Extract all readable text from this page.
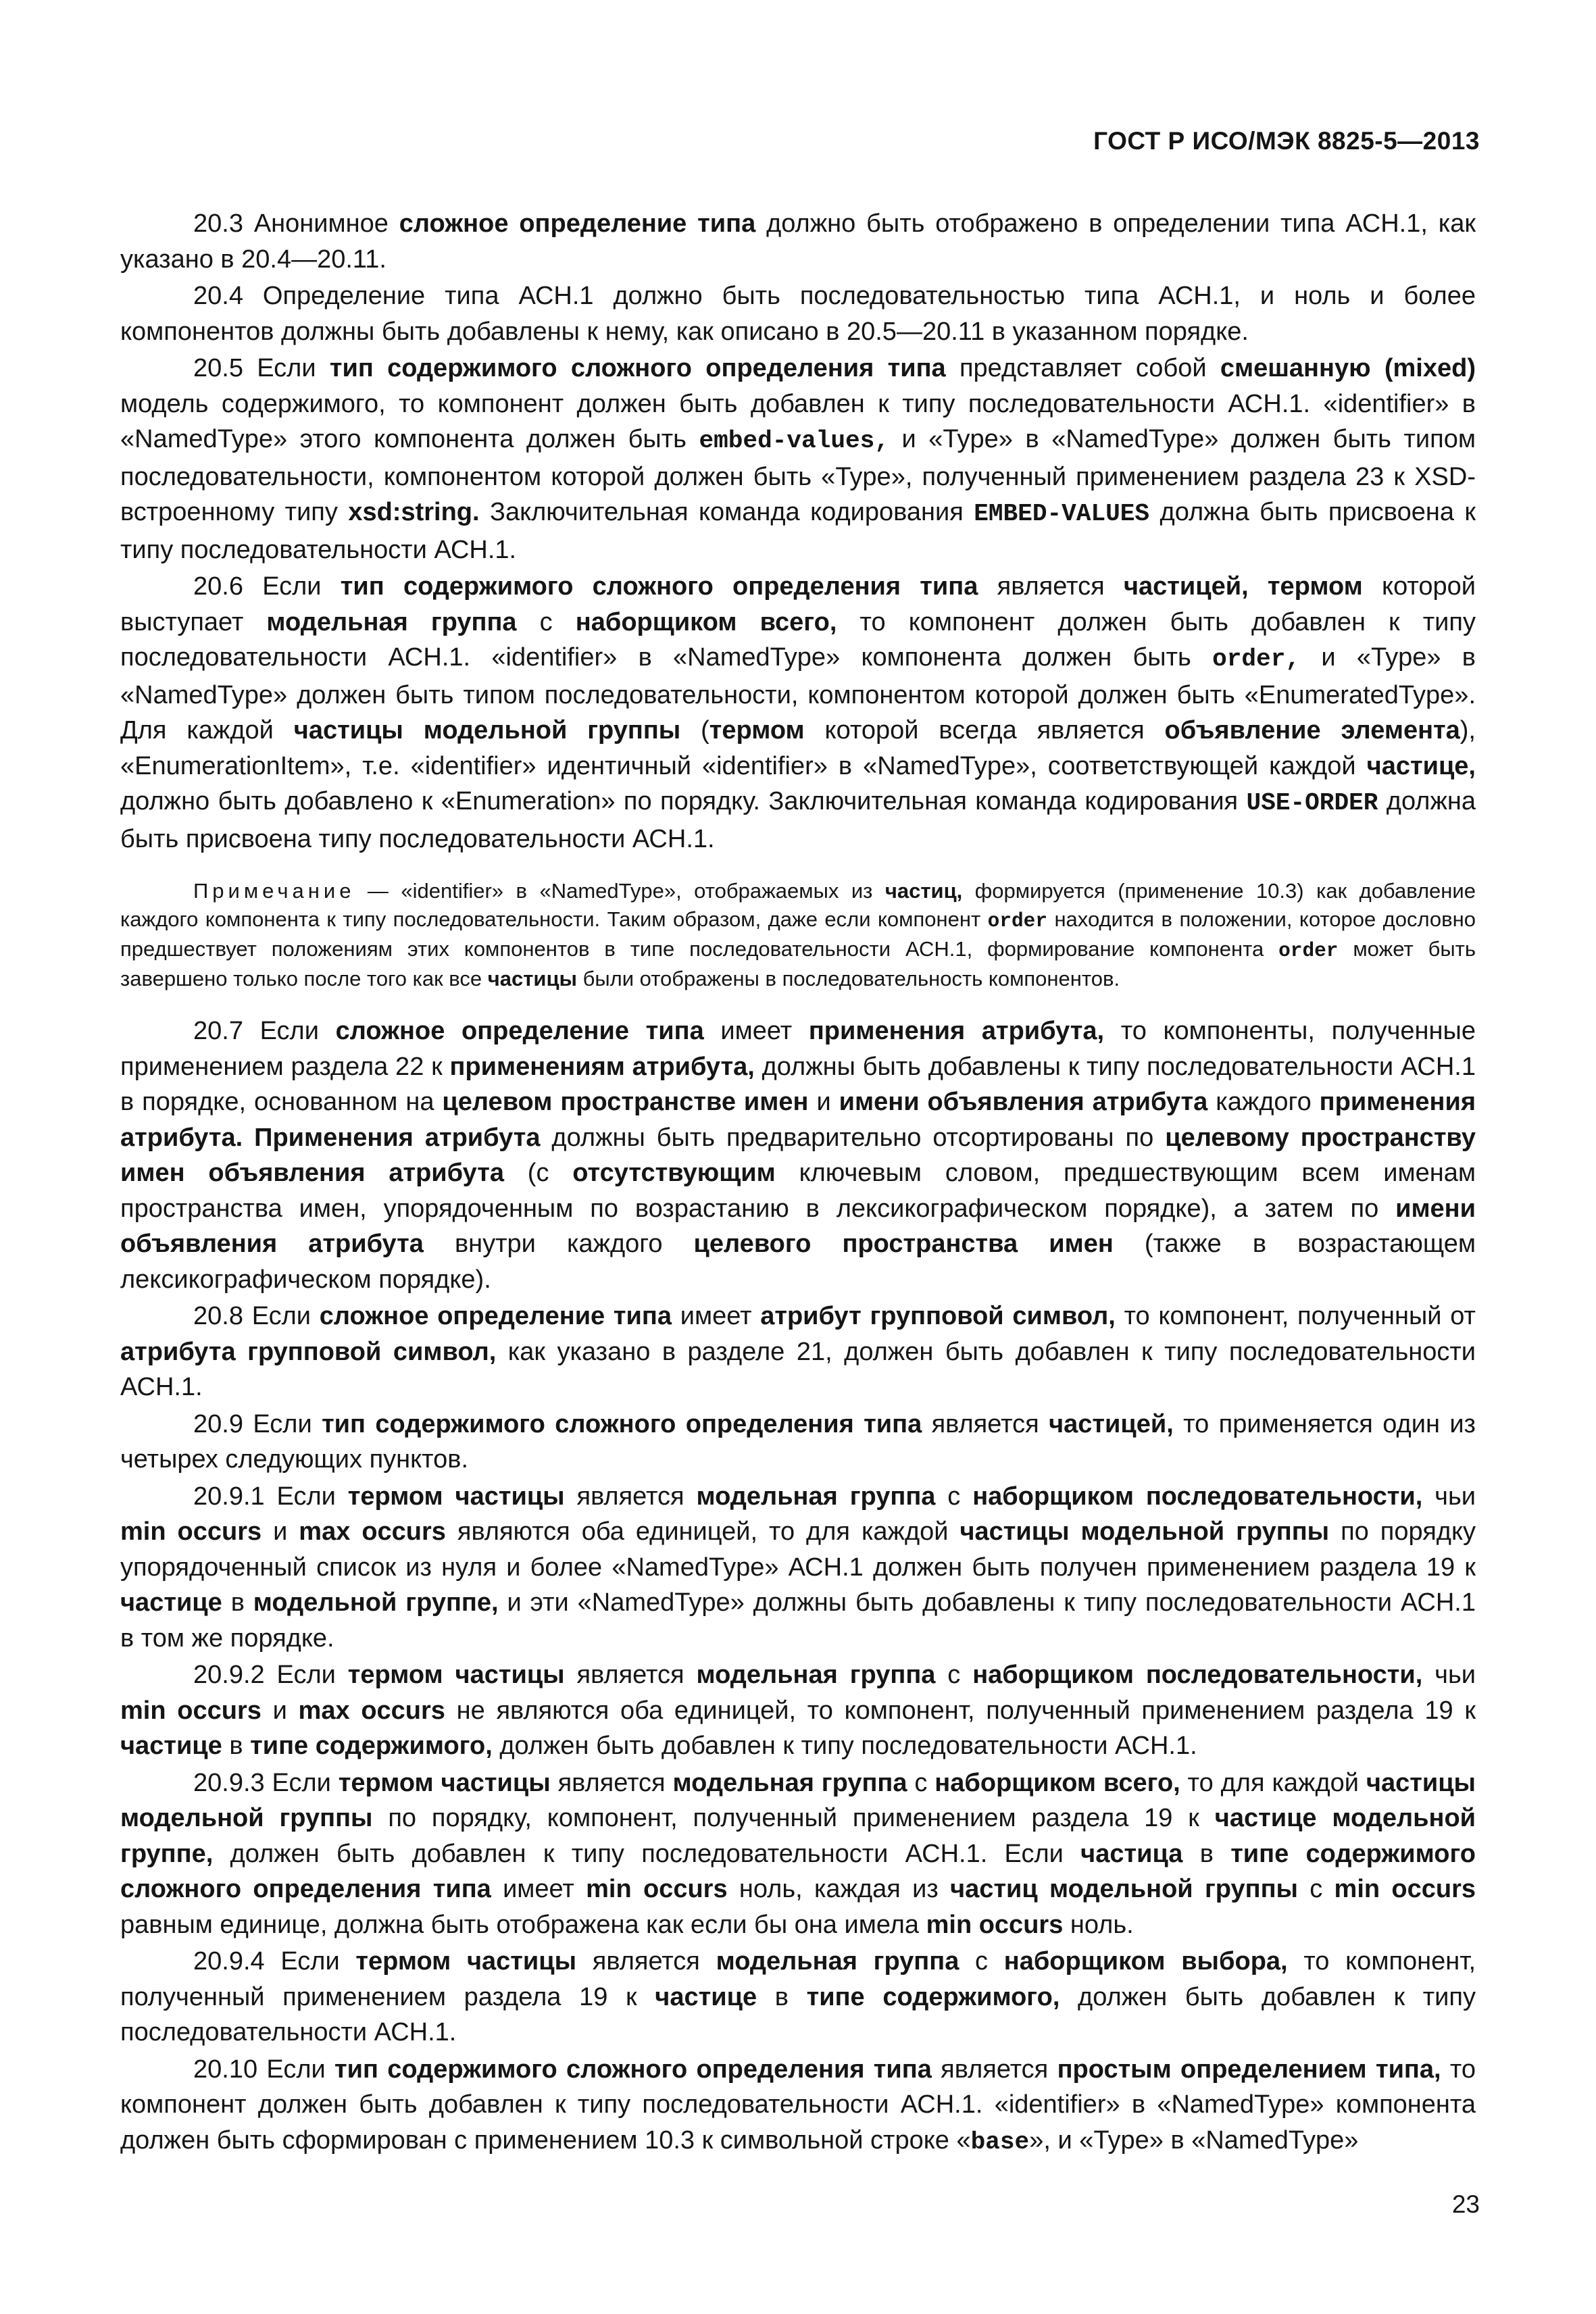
ГОСТ Р ИСО/МЭК 8825-5—2013

20.3 Анонимное сложное определение типа должно быть отображено в определении типа АСН.1, как указано в 20.4—20.11.

20.4 Определение типа АСН.1 должно быть последовательностью типа АСН.1, и ноль и более компонентов должны быть добавлены к нему, как описано в 20.5—20.11 в указанном порядке.

20.5 Если тип содержимого сложного определения типа представляет собой смешанную (mixed) модель содержимого, то компонент должен быть добавлен к типу последовательности АСН.1. «identifier» в «NamedType» этого компонента должен быть embed-values, и «Type» в «NamedType» должен быть типом последовательности, компонентом которой должен быть «Type», полученный применением раздела 23 к XSD-встроенному типу xsd:string. Заключительная команда кодирования EMBED-VALUES должна быть присвоена к типу последовательности АСН.1.

20.6 Если тип содержимого сложного определения типа является частицей, термом которой выступает модельная группа с наборщиком всего, то компонент должен быть добавлен к типу последовательности АСН.1. «identifier» в «NamedType» компонента должен быть order, и «Type» в «NamedType» должен быть типом последовательности, компонентом которой должен быть «EnumeratedType». Для каждой частицы модельной группы (термом которой всегда является объявление элемента), «EnumerationItem», т.е. «identifier» идентичный «identifier» в «NamedType», соответствующей каждой частице, должно быть добавлено к «Enumeration» по порядку. Заключительная команда кодирования USE-ORDER должна быть присвоена типу последовательности АСН.1.

Примечание — «identifier» в «NamedType», отображаемых из частиц, формируется (применение 10.3) как добавление каждого компонента к типу последовательности. Таким образом, даже если компонент order находится в положении, которое дословно предшествует положениям этих компонентов в типе последовательности АСН.1, формирование компонента order может быть завершено только после того как все частицы были отображены в последовательность компонентов.

20.7 Если сложное определение типа имеет применения атрибута, то компоненты, полученные применением раздела 22 к применениям атрибута, должны быть добавлены к типу последовательности АСН.1 в порядке, основанном на целевом пространстве имен и имени объявления атрибута каждого применения атрибута. Применения атрибута должны быть предварительно отсортированы по целевому пространству имен объявления атрибута (с отсутствующим ключевым словом, предшествующим всем именам пространства имен, упорядоченным по возрастанию в лексикографическом порядке), а затем по имени объявления атрибута внутри каждого целевого пространства имен (также в возрастающем лексикографическом порядке).

20.8 Если сложное определение типа имеет атрибут групповой символ, то компонент, полученный от атрибута групповой символ, как указано в разделе 21, должен быть добавлен к типу последовательности АСН.1.

20.9 Если тип содержимого сложного определения типа является частицей, то применяется один из четырех следующих пунктов.

20.9.1 Если термом частицы является модельная группа с наборщиком последовательности, чьи min occurs и max occurs являются оба единицей, то для каждой частицы модельной группы по порядку упорядоченный список из нуля и более «NamedType» АСН.1 должен быть получен применением раздела 19 к частице в модельной группе, и эти «NamedType» должны быть добавлены к типу последовательности АСН.1 в том же порядке.

20.9.2 Если термом частицы является модельная группа с наборщиком последовательности, чьи min occurs и max occurs не являются оба единицей, то компонент, полученный применением раздела 19 к частице в типе содержимого, должен быть добавлен к типу последовательности АСН.1.

20.9.3 Если термом частицы является модельная группа с наборщиком всего, то для каждой частицы модельной группы по порядку, компонент, полученный применением раздела 19 к частице модельной группе, должен быть добавлен к типу последовательности АСН.1. Если частица в типе содержимого сложного определения типа имеет min occurs ноль, каждая из частиц модельной группы с min occurs равным единице, должна быть отображена как если бы она имела min occurs ноль.

20.9.4 Если термом частицы является модельная группа с наборщиком выбора, то компонент, полученный применением раздела 19 к частице в типе содержимого, должен быть добавлен к типу последовательности АСН.1.

20.10 Если тип содержимого сложного определения типа является простым определением типа, то компонент должен быть добавлен к типу последовательности АСН.1. «identifier» в «NamedType» компонента должен быть сформирован с применением 10.3 к символьной строке «base», и «Type» в «NamedType»

23
